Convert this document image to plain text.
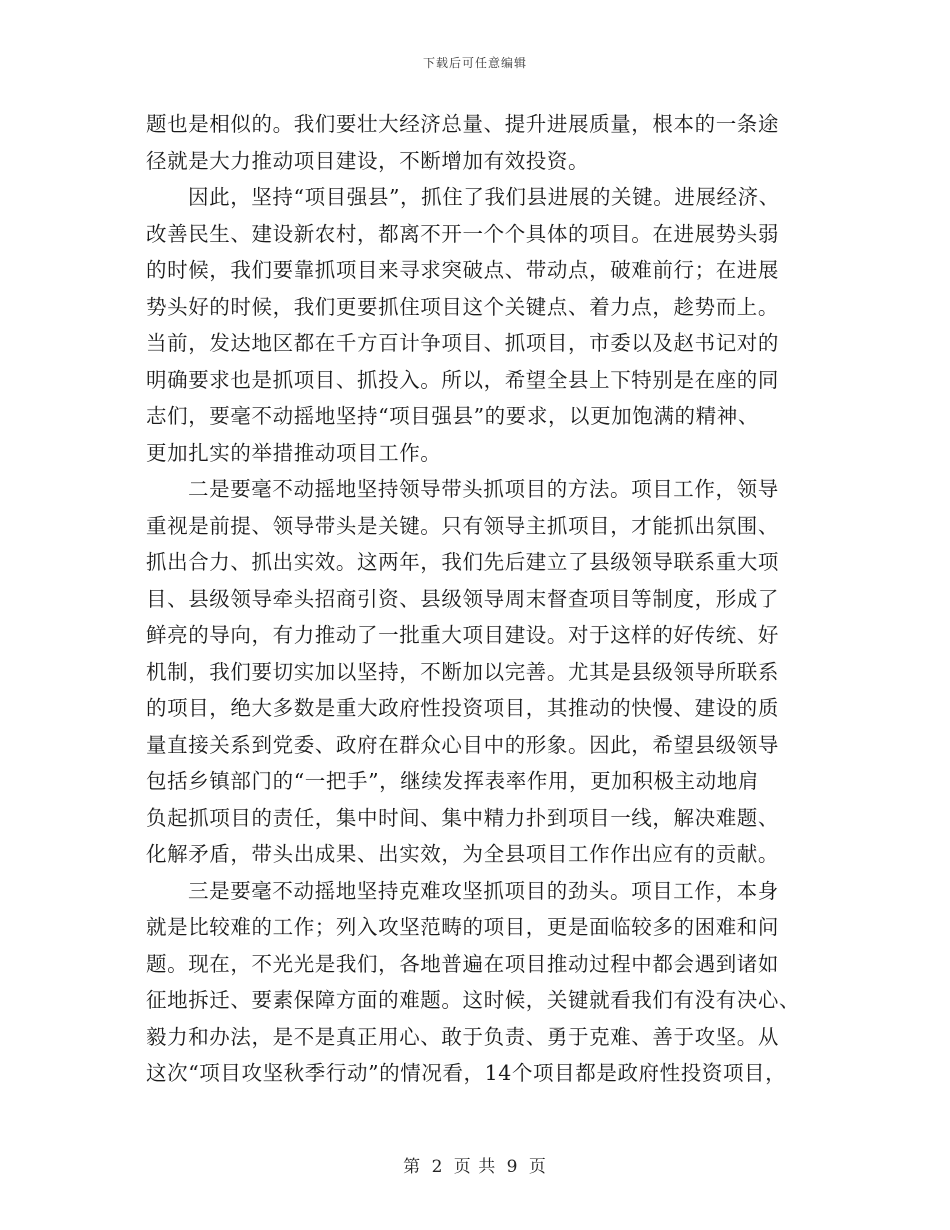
下载后可任意编辑
题也是相似的。我们要壮大经济总量、提升进展质量，根本的一条途
径就是大力推动项目建设，不断增加有效投资。
因此，坚持“项目强县”，抓住了我们县进展的关键。进展经济、
改善民生、建设新农村，都离不开一个个具体的项目。在进展势头弱
的时候，我们要靠抓项目来寻求突破点、带动点，破难前行；在进展
势头好的时候，我们更要抓住项目这个关键点、着力点，趁势而上。
当前，发达地区都在千方百计争项目、抓项目，市委以及赵书记对的
明确要求也是抓项目、抓投入。所以，希望全县上下特别是在座的同
志们，要毫不动摇地坚持“项目强县”的要求，以更加饱满的精神、
更加扎实的举措推动项目工作。
二是要毫不动摇地坚持领导带头抓项目的方法。项目工作，领导
重视是前提、领导带头是关键。只有领导主抓项目，才能抓出氛围、
抓出合力、抓出实效。这两年，我们先后建立了县级领导联系重大项
目、县级领导牵头招商引资、县级领导周末督查项目等制度，形成了
鲜亮的导向，有力推动了一批重大项目建设。对于这样的好传统、好
机制，我们要切实加以坚持，不断加以完善。尤其是县级领导所联系
的项目，绝大多数是重大政府性投资项目，其推动的快慢、建设的质
量直接关系到党委、政府在群众心目中的形象。因此，希望县级领导
包括乡镇部门的“一把手”，继续发挥表率作用，更加积极主动地肩
负起抓项目的责任，集中时间、集中精力扑到项目一线，解决难题、
化解矛盾，带头出成果、出实效，为全县项目工作作出应有的贡献。
三是要毫不动摇地坚持克难攻坚抓项目的劲头。项目工作，本身
就是比较难的工作；列入攻坚范畴的项目，更是面临较多的困难和问
题。现在，不光光是我们，各地普遍在项目推动过程中都会遇到诸如
征地拆迁、要素保障方面的难题。这时候，关键就看我们有没有决心、
毅力和办法，是不是真正用心、敢于负责、勇于克难、善于攻坚。从
这次“项目攻坚秋季行动”的情况看，14个项目都是政府性投资项目，
第 2 页 共 9 页
